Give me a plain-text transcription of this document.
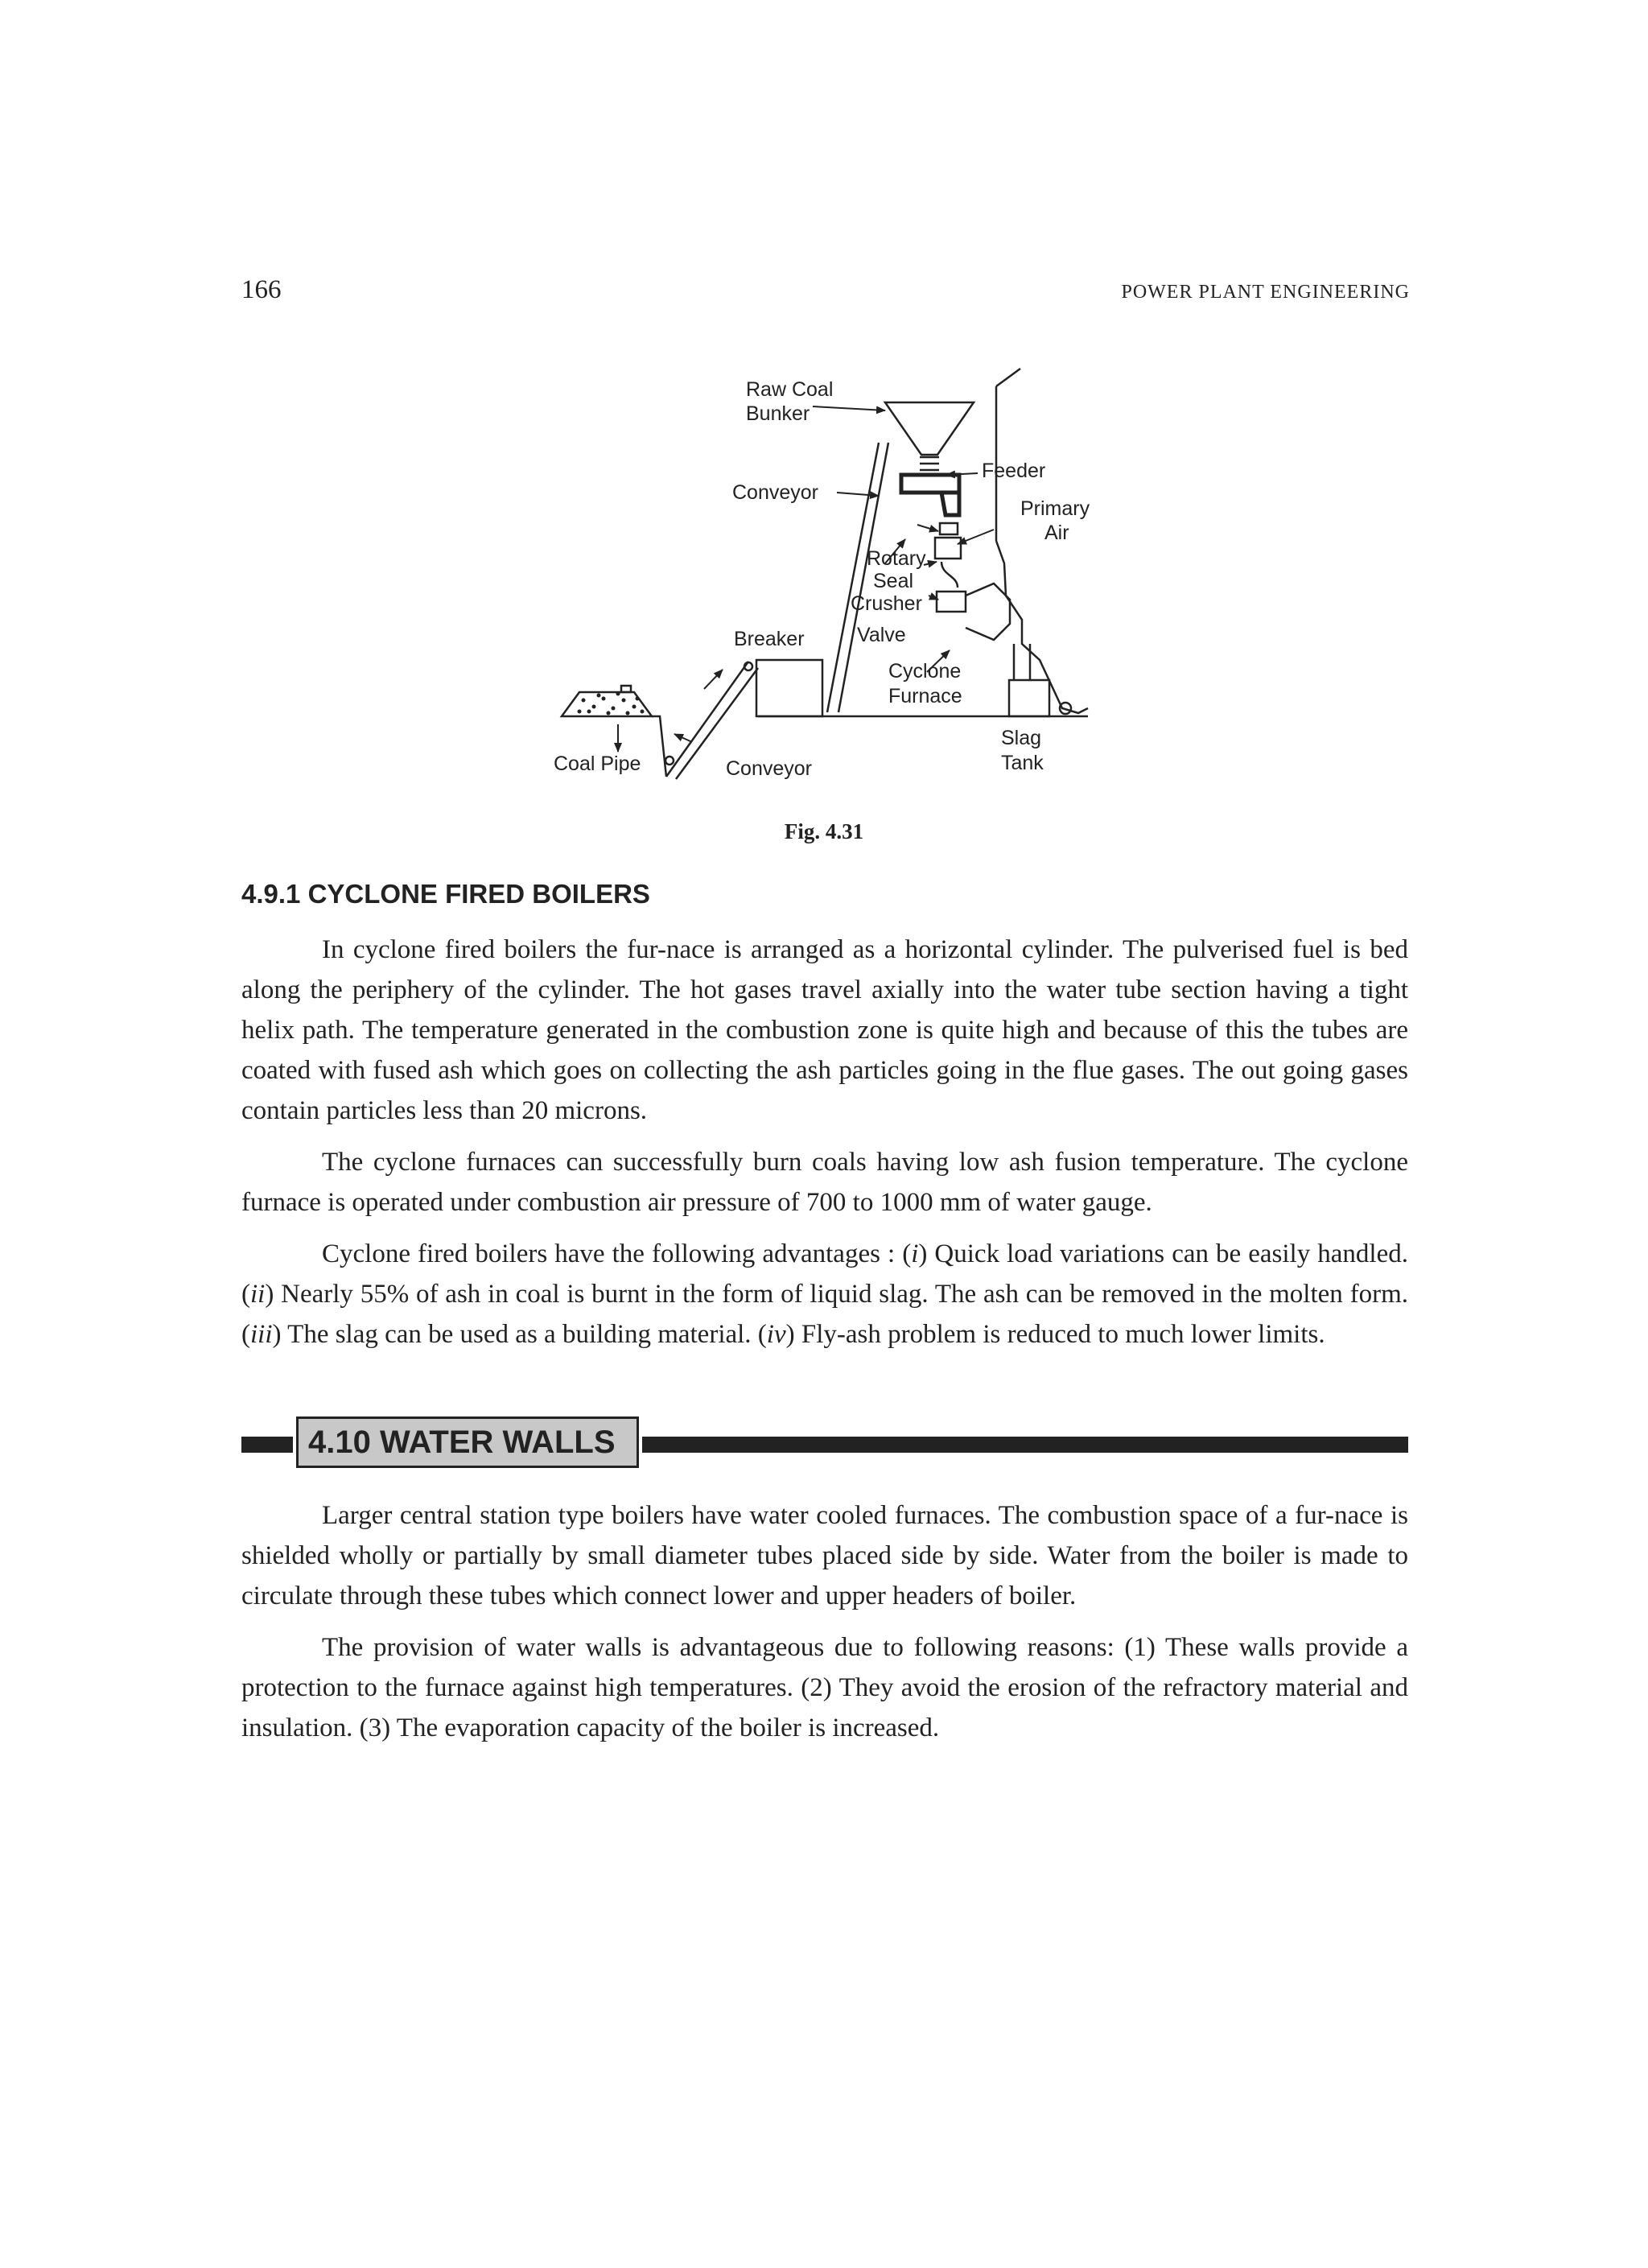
166	POWER PLANT ENGINEERING
Raw Coal
Bunker
Conveyor
Feeder
Primary
Air
Rotary
Seal
Crusher
Valve
Breaker
Cyclone
Furnace
Slag
Tank
Coal Pipe	Conveyor
Fig. 4.31
4.9.1 CYCLONE FIRED BOILERS

In cyclone fired boilers the fur-nace is arranged as a horizontal cylinder. The pulverised fuel is bed along the periphery of the cylinder. The hot gases travel axially into the water tube section having a tight helix path. The temperature generated in the combustion zone is quite high and because of this the tubes are coated with fused ash which goes on collecting the ash particles going in the flue gases. The out going gases contain particles less than 20 microns.

The cyclone furnaces can successfully burn coals having low ash fusion temperature. The cyclone furnace is operated under combustion air pressure of 700 to 1000 mm of water gauge.

Cyclone fired boilers have the following advantages : (i) Quick load variations can be easily handled. (ii) Nearly 55% of ash in coal is burnt in the form of liquid slag. The ash can be removed in the molten form. (iii) The slag can be used as a building material. (iv) Fly-ash problem is reduced to much lower limits.

4.10 WATER WALLS

Larger central station type boilers have water cooled furnaces. The combustion space of a fur-nace is shielded wholly or partially by small diameter tubes placed side by side. Water from the boiler is made to circulate through these tubes which connect lower and upper headers of boiler.

The provision of water walls is advantageous due to following reasons: (1) These walls provide a protection to the furnace against high temperatures. (2) They avoid the erosion of the refractory material and insulation. (3) The evaporation capacity of the boiler is increased.
